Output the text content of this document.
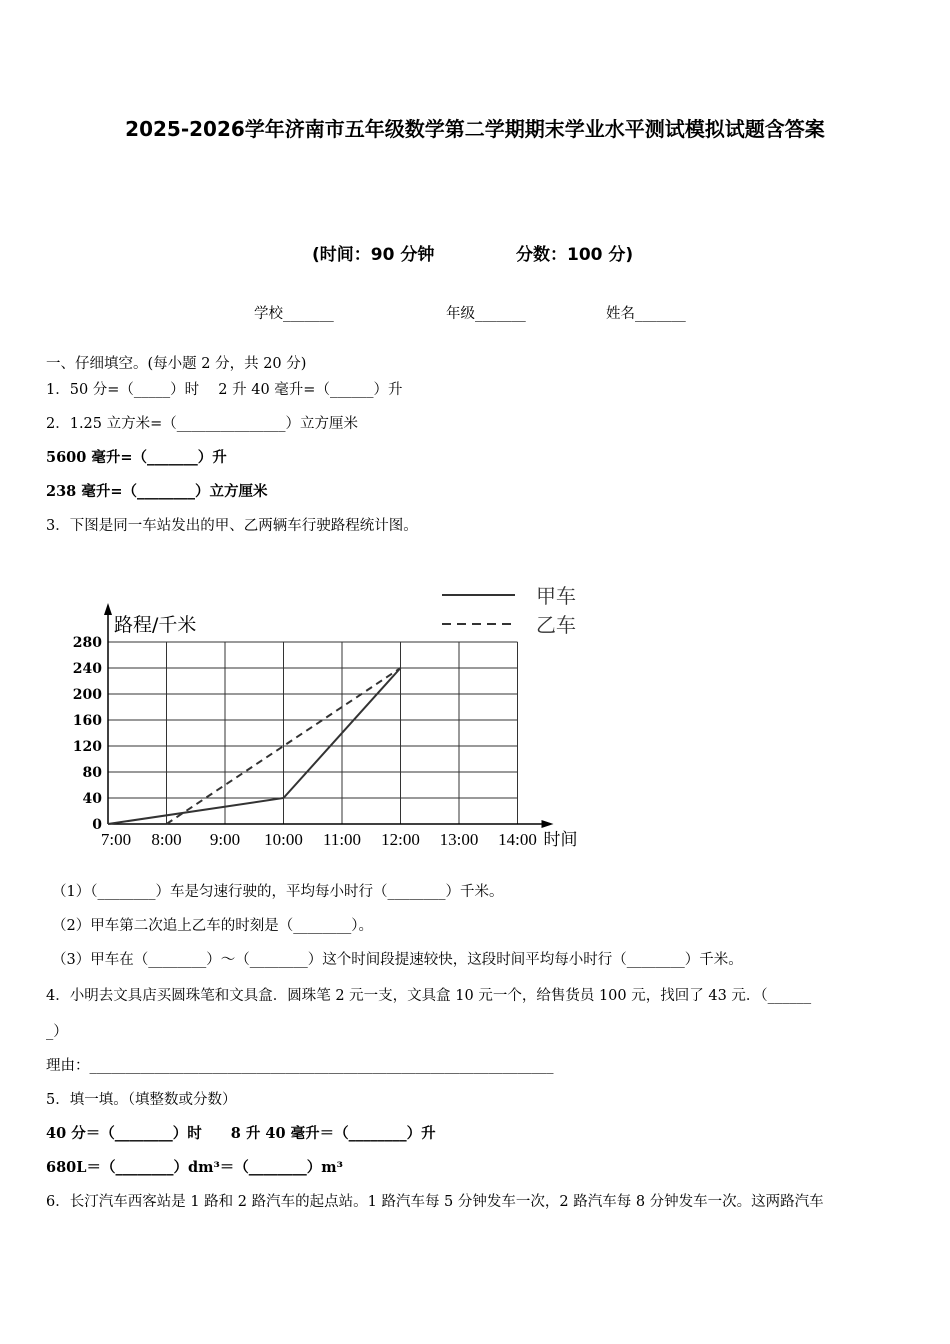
2025-2026学年济南市五年级数学第二学期期末学业水平测试模拟试题含答案
(时间：90 分钟	分数：100 分)
学校_______	年级_______	姓名_______
一、仔细填空。(每小题 2 分，共 20 分)
1．50 分=（_____）时　 2 升 40 毫升=（______）升
2．1.25 立方米=（_______________）立方厘米
5600 毫升=（_______）升
238 毫升=（________）立方厘米
3．下图是同一车站发出的甲、乙两辆车行驶路程统计图。
0
40
80
120
160
200
240
280
7:00 8:00 9:00 10:00 11:00 12:00 13:00 14:00 时间
路程/千米
甲车
乙车
（1）（________）车是匀速行驶的，平均每小时行（________）千米。
（2）甲车第二次追上乙车的时刻是（________）。
（3）甲车在（________）～（________）这个时间段提速较快，这段时间平均每小时行（________）千米。
4．小明去文具店买圆珠笔和文具盒．圆珠笔 2 元一支，文具盒 10 元一个，给售货员 100 元，找回了 43 元．（______
_）
理由：________________________________________________________________
5．填一填。（填整数或分数）
40 分＝（________）时　　8 升 40 毫升＝（________）升
680L＝（________）dm³＝（________）m³
6．长汀汽车西客站是 1 路和 2 路汽车的起点站。1 路汽车每 5 分钟发车一次，2 路汽车每 8 分钟发车一次。这两路汽车
